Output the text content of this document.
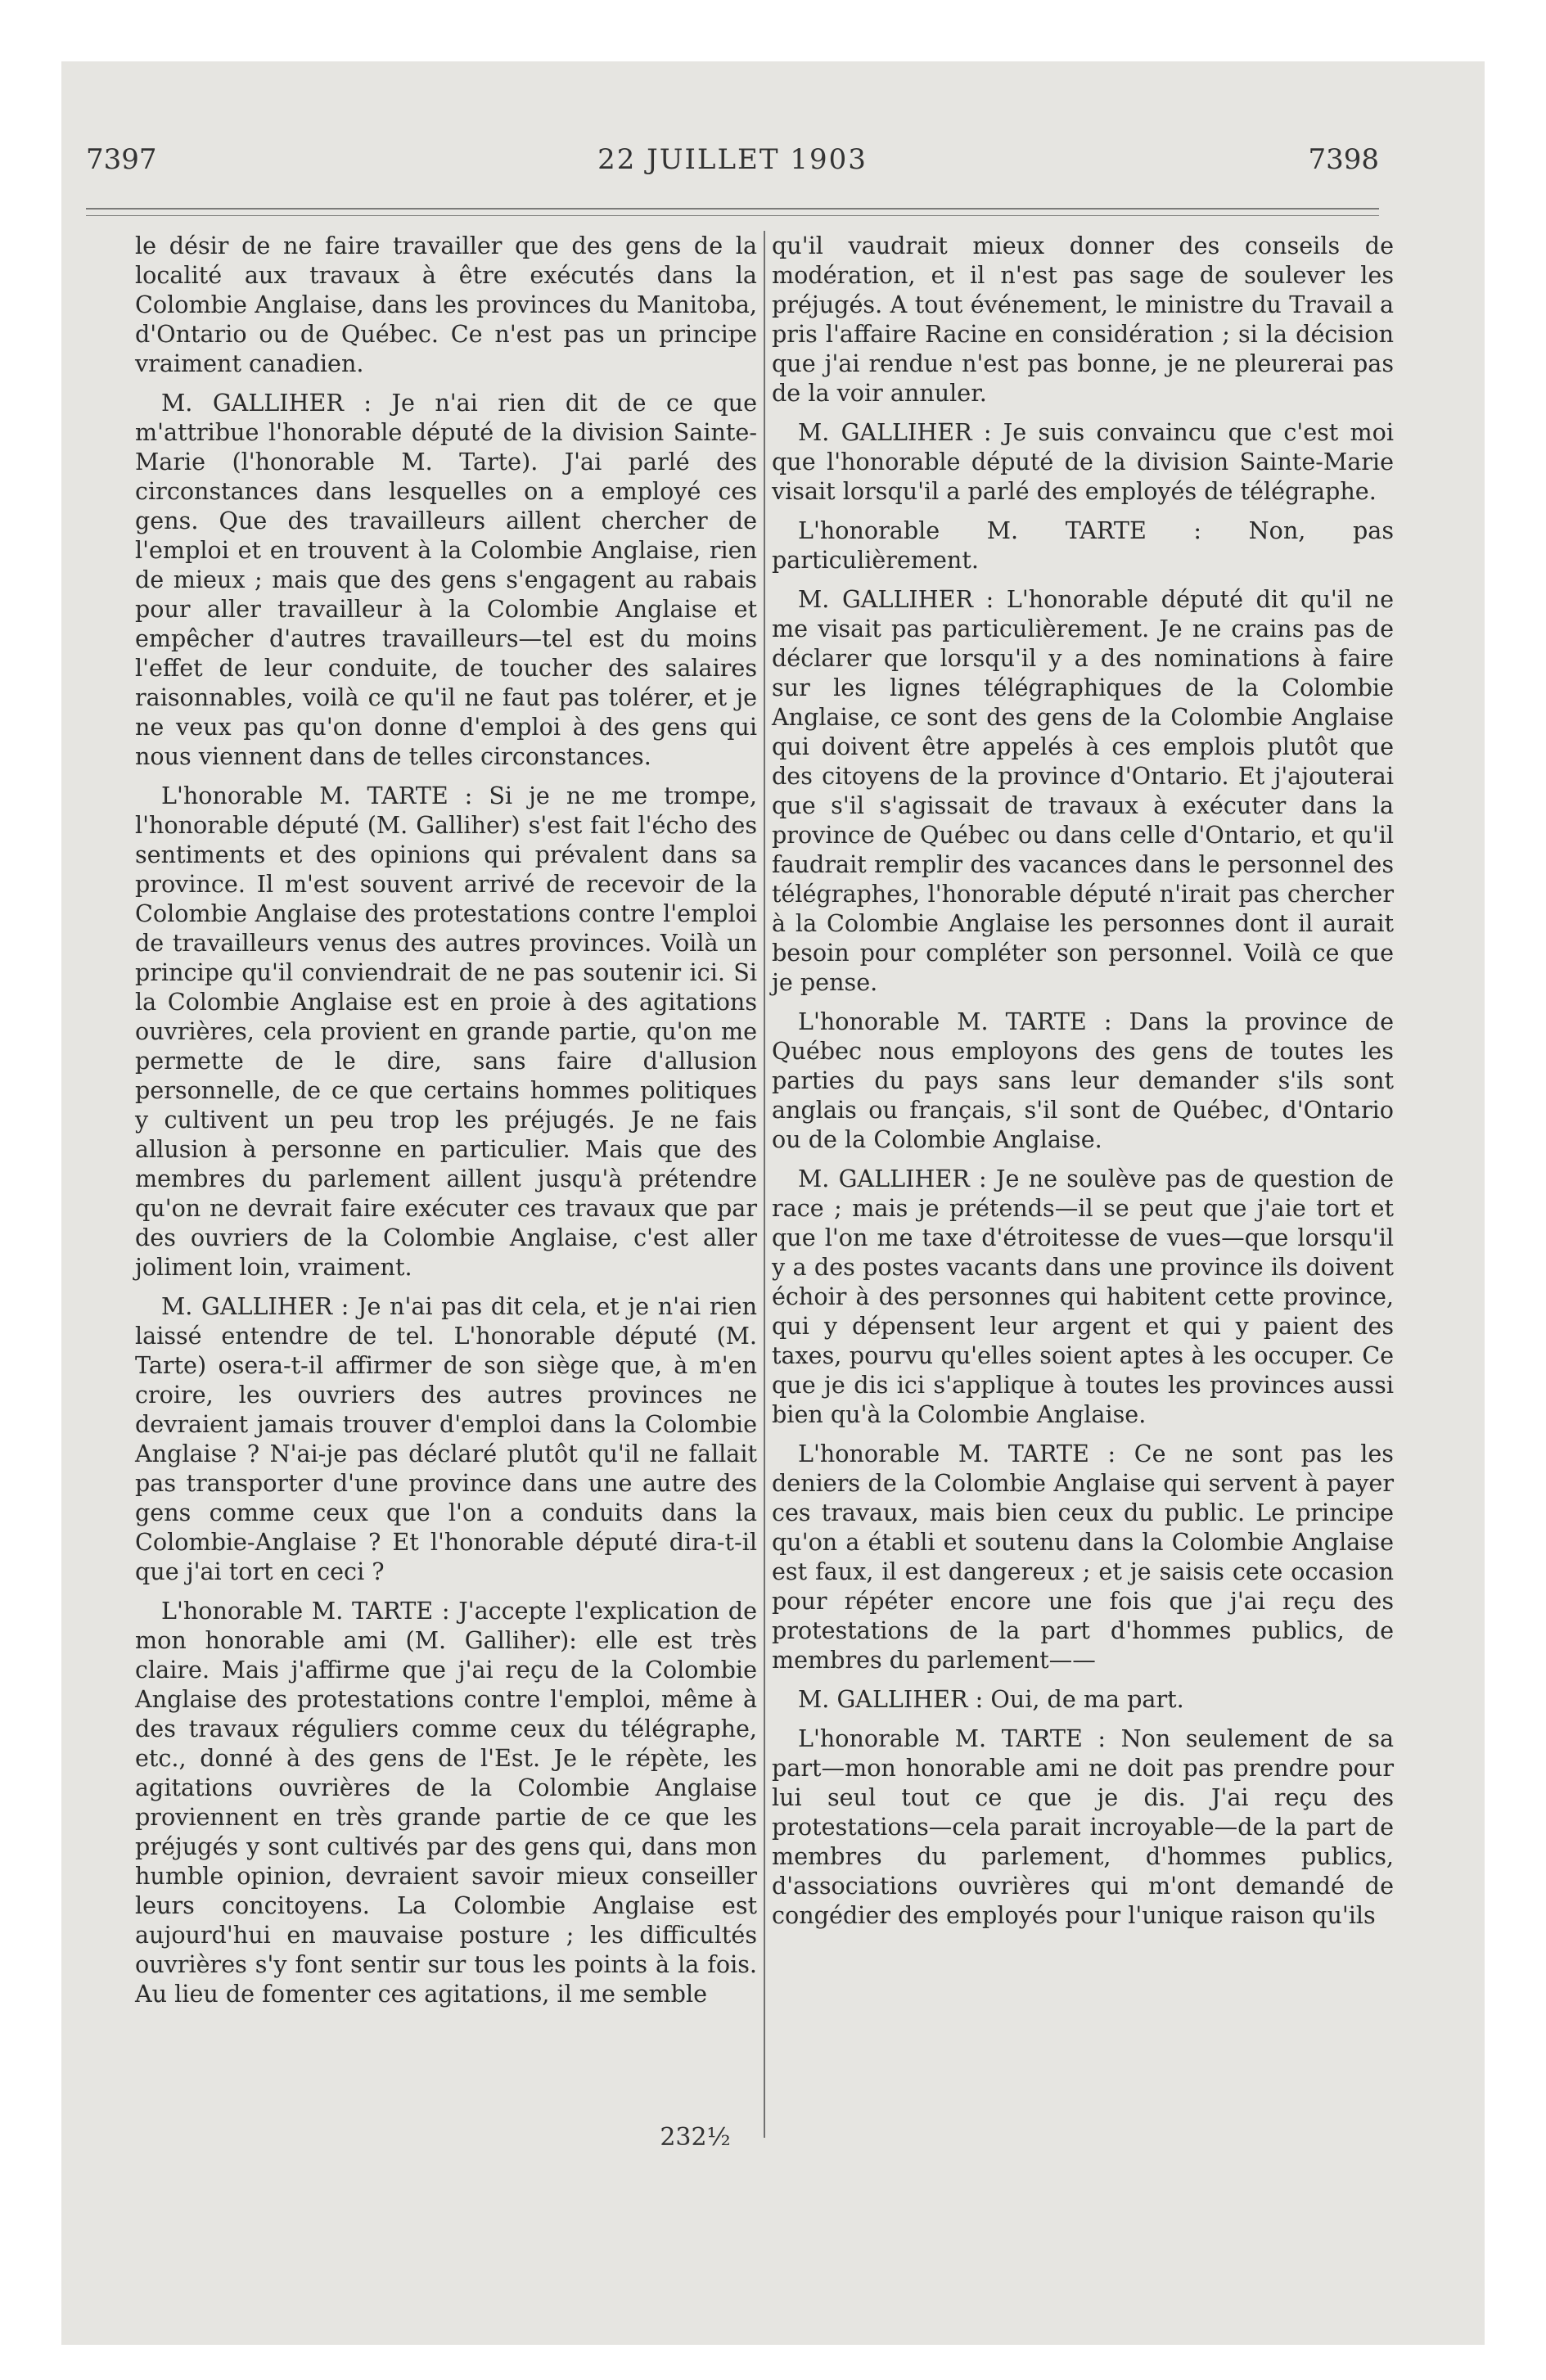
7397	22 JUILLET 1903	7398

le désir de ne faire travailler que des gens de la localité aux travaux à être exécutés dans la Colombie Anglaise, dans les provinces du Manitoba, d'Ontario ou de Québec. Ce n'est pas un principe vraiment canadien.

M. GALLIHER : Je n'ai rien dit de ce que m'attribue l'honorable député de la division Sainte-Marie (l'honorable M. Tarte). J'ai parlé des circonstances dans lesquelles on a employé ces gens. Que des travailleurs aillent chercher de l'emploi et en trouvent à la Colombie Anglaise, rien de mieux ; mais que des gens s'engagent au rabais pour aller travailleur à la Colombie Anglaise et empêcher d'autres travailleurs—tel est du moins l'effet de leur conduite, de toucher des salaires raisonnables, voilà ce qu'il ne faut pas tolérer, et je ne veux pas qu'on donne d'emploi à des gens qui nous viennent dans de telles circonstances.

L'honorable M. TARTE : Si je ne me trompe, l'honorable député (M. Galliher) s'est fait l'écho des sentiments et des opinions qui prévalent dans sa province. Il m'est souvent arrivé de recevoir de la Colombie Anglaise des protestations contre l'emploi de travailleurs venus des autres provinces. Voilà un principe qu'il conviendrait de ne pas soutenir ici. Si la Colombie Anglaise est en proie à des agitations ouvrières, cela provient en grande partie, qu'on me permette de le dire, sans faire d'allusion personnelle, de ce que certains hommes politiques y cultivent un peu trop les préjugés. Je ne fais allusion à personne en particulier. Mais que des membres du parlement aillent jusqu'à prétendre qu'on ne devrait faire exécuter ces travaux que par des ouvriers de la Colombie Anglaise, c'est aller joliment loin, vraiment.

M. GALLIHER : Je n'ai pas dit cela, et je n'ai rien laissé entendre de tel. L'honorable député (M. Tarte) osera-t-il affirmer de son siège que, à m'en croire, les ouvriers des autres provinces ne devraient jamais trouver d'emploi dans la Colombie Anglaise ? N'ai-je pas déclaré plutôt qu'il ne fallait pas transporter d'une province dans une autre des gens comme ceux que l'on a conduits dans la Colombie-Anglaise ? Et l'honorable député dira-t-il que j'ai tort en ceci ?

L'honorable M. TARTE : J'accepte l'explication de mon honorable ami (M. Galliher): elle est très claire. Mais j'affirme que j'ai reçu de la Colombie Anglaise des protestations contre l'emploi, même à des travaux réguliers comme ceux du télégraphe, etc., donné à des gens de l'Est. Je le répète, les agitations ouvrières de la Colombie Anglaise proviennent en très grande partie de ce que les préjugés y sont cultivés par des gens qui, dans mon humble opinion, devraient savoir mieux conseiller leurs concitoyens. La Colombie Anglaise est aujourd'hui en mauvaise posture ; les difficultés ouvrières s'y font sentir sur tous les points à la fois. Au lieu de fomenter ces agitations, il me semble

qu'il vaudrait mieux donner des conseils de modération, et il n'est pas sage de soulever les préjugés. A tout événement, le ministre du Travail a pris l'affaire Racine en considération ; si la décision que j'ai rendue n'est pas bonne, je ne pleurerai pas de la voir annuler.

M. GALLIHER : Je suis convaincu que c'est moi que l'honorable député de la division Sainte-Marie visait lorsqu'il a parlé des employés de télégraphe.

L'honorable M. TARTE : Non, pas particulièrement.

M. GALLIHER : L'honorable député dit qu'il ne me visait pas particulièrement. Je ne crains pas de déclarer que lorsqu'il y a des nominations à faire sur les lignes télégraphiques de la Colombie Anglaise, ce sont des gens de la Colombie Anglaise qui doivent être appelés à ces emplois plutôt que des citoyens de la province d'Ontario. Et j'ajouterai que s'il s'agissait de travaux à exécuter dans la province de Québec ou dans celle d'Ontario, et qu'il faudrait remplir des vacances dans le personnel des télégraphes, l'honorable député n'irait pas chercher à la Colombie Anglaise les personnes dont il aurait besoin pour compléter son personnel. Voilà ce que je pense.

L'honorable M. TARTE : Dans la province de Québec nous employons des gens de toutes les parties du pays sans leur demander s'ils sont anglais ou français, s'il sont de Québec, d'Ontario ou de la Colombie Anglaise.

M. GALLIHER : Je ne soulève pas de question de race ; mais je prétends—il se peut que j'aie tort et que l'on me taxe d'étroitesse de vues—que lorsqu'il y a des postes vacants dans une province ils doivent échoir à des personnes qui habitent cette province, qui y dépensent leur argent et qui y paient des taxes, pourvu qu'elles soient aptes à les occuper. Ce que je dis ici s'applique à toutes les provinces aussi bien qu'à la Colombie Anglaise.

L'honorable M. TARTE : Ce ne sont pas les deniers de la Colombie Anglaise qui servent à payer ces travaux, mais bien ceux du public. Le principe qu'on a établi et soutenu dans la Colombie Anglaise est faux, il est dangereux ; et je saisis cete occasion pour répéter encore une fois que j'ai reçu des protestations de la part d'hommes publics, de membres du parlement——

M. GALLIHER : Oui, de ma part.

L'honorable M. TARTE : Non seulement de sa part—mon honorable ami ne doit pas prendre pour lui seul tout ce que je dis. J'ai reçu des protestations—cela parait incroyable—de la part de membres du parlement, d'hommes publics, d'associations ouvrières qui m'ont demandé de congédier des employés pour l'unique raison qu'ils

232½
